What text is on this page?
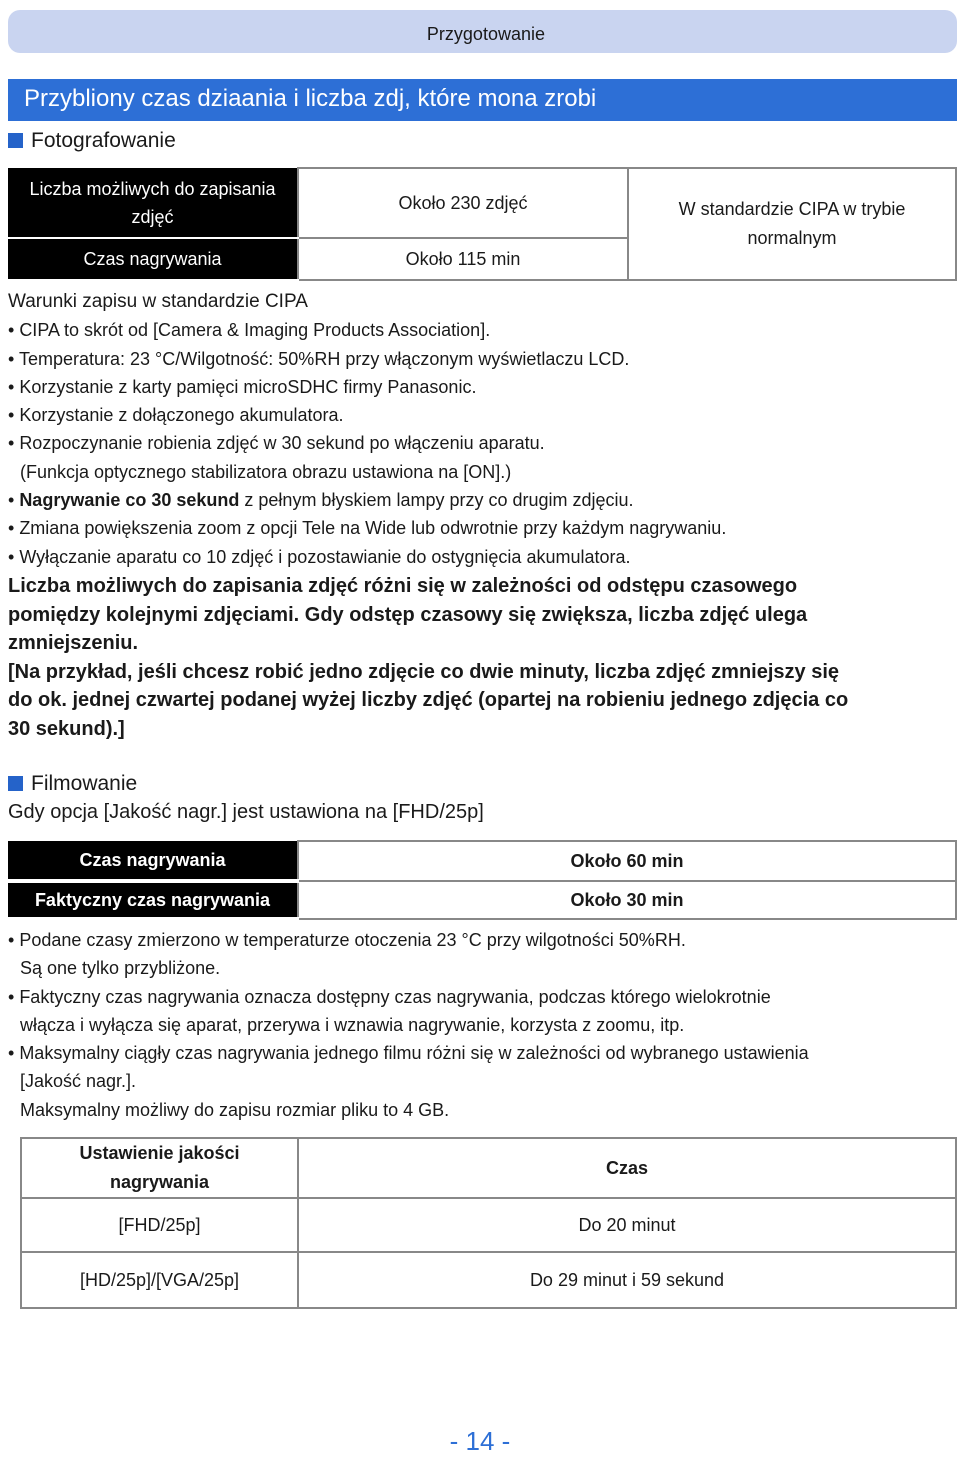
Przygotowanie
Przybliony czas dziaania i liczba zdj, które mona zrobi
Fotografowanie
Liczba możliwych do zapisania zdjęć	Około 230 zdjęć	W standardzie CIPA w trybie normalnym
Czas nagrywania	Około 115 min	
Warunki zapisu w standardzie CIPA
• CIPA to skrót od [Camera & Imaging Products Association].
• Temperatura: 23 °C/Wilgotność: 50%RH przy włączonym wyświetlaczu LCD.
• Korzystanie z karty pamięci microSDHC firmy Panasonic.
• Korzystanie z dołączonego akumulatora.
• Rozpoczynanie robienia zdjęć w 30 sekund po włączeniu aparatu.
(Funkcja optycznego stabilizatora obrazu ustawiona na [ON].)
• Nagrywanie co 30 sekund z pełnym błyskiem lampy przy co drugim zdjęciu.
• Zmiana powiększenia zoom z opcji Tele na Wide lub odwrotnie przy każdym nagrywaniu.
• Wyłączanie aparatu co 10 zdjęć i pozostawianie do ostygnięcia akumulatora.
Liczba możliwych do zapisania zdjęć różni się w zależności od odstępu czasowego
pomiędzy kolejnymi zdjęciami. Gdy odstęp czasowy się zwiększa, liczba zdjęć ulega
zmniejszeniu.
[Na przykład, jeśli chcesz robić jedno zdjęcie co dwie minuty, liczba zdjęć zmniejszy się
do ok. jednej czwartej podanej wyżej liczby zdjęć (opartej na robieniu jednego zdjęcia co
30 sekund).]
Filmowanie
Gdy opcja [Jakość nagr.] jest ustawiona na [FHD/25p]
Czas nagrywania	Około 60 min
Faktyczny czas nagrywania	Około 30 min
• Podane czasy zmierzono w temperaturze otoczenia 23 °C przy wilgotności 50%RH.
Są one tylko przybliżone.
• Faktyczny czas nagrywania oznacza dostępny czas nagrywania, podczas którego wielokrotnie
włącza i wyłącza się aparat, przerywa i wznawia nagrywanie, korzysta z zoomu, itp.
• Maksymalny ciągły czas nagrywania jednego filmu różni się w zależności od wybranego ustawienia
[Jakość nagr.].
Maksymalny możliwy do zapisu rozmiar pliku to 4 GB.
Ustawienie jakości nagrywania	Czas
[FHD/25p]	Do 20 minut
[HD/25p]/[VGA/25p]	Do 29 minut i 59 sekund
- 14 -
